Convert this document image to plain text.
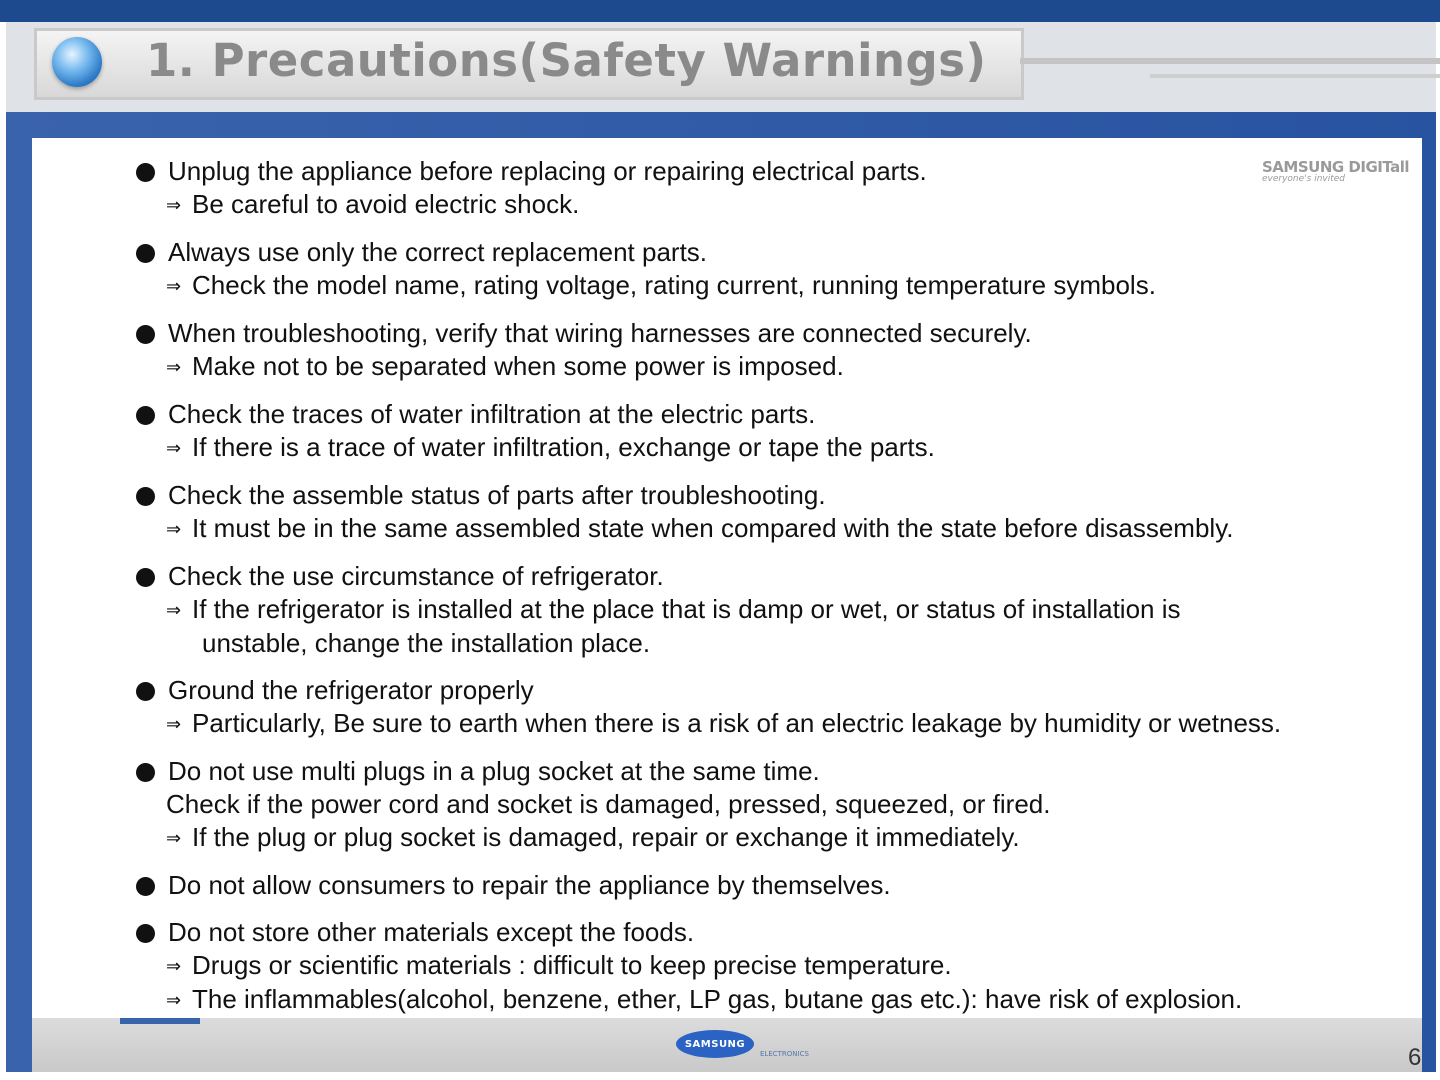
1. Precautions(Safety Warnings)
SAMSUNG DIGITall
everyone's invited
SAMSUNG
ELECTRONICS
Unplug the appliance before replacing or repairing electrical parts.
⇒ Be careful to avoid electric shock.
Always use only the correct replacement parts.
⇒ Check the model name, rating voltage, rating current, running temperature symbols.
When troubleshooting, verify that wiring harnesses are connected securely.
⇒ Make not to be separated when some power is imposed.
Check the traces of water infiltration at the electric parts.
⇒ If there is a trace of water infiltration, exchange or tape the parts.
Check the assemble status of parts after troubleshooting.
⇒ It must be in the same assembled state when compared with the state before disassembly.
Check the use circumstance of refrigerator.
⇒ If the refrigerator is installed at the place that is damp or wet, or status of installation is
unstable, change the installation place.
Ground the refrigerator properly
⇒ Particularly, Be sure to earth when there is a risk of an electric leakage by humidity or wetness.
Do not use multi plugs in a plug socket at the same time.
Check if the power cord and socket is damaged, pressed, squeezed, or fired.
⇒ If the plug or plug socket is damaged, repair or exchange it immediately.
Do not allow consumers to repair the appliance by themselves.
Do not store other materials except the foods.
⇒ Drugs or scientific materials : difficult to keep precise temperature.
⇒ The inflammables(alcohol, benzene, ether, LP gas, butane gas etc.): have risk of explosion.
6
